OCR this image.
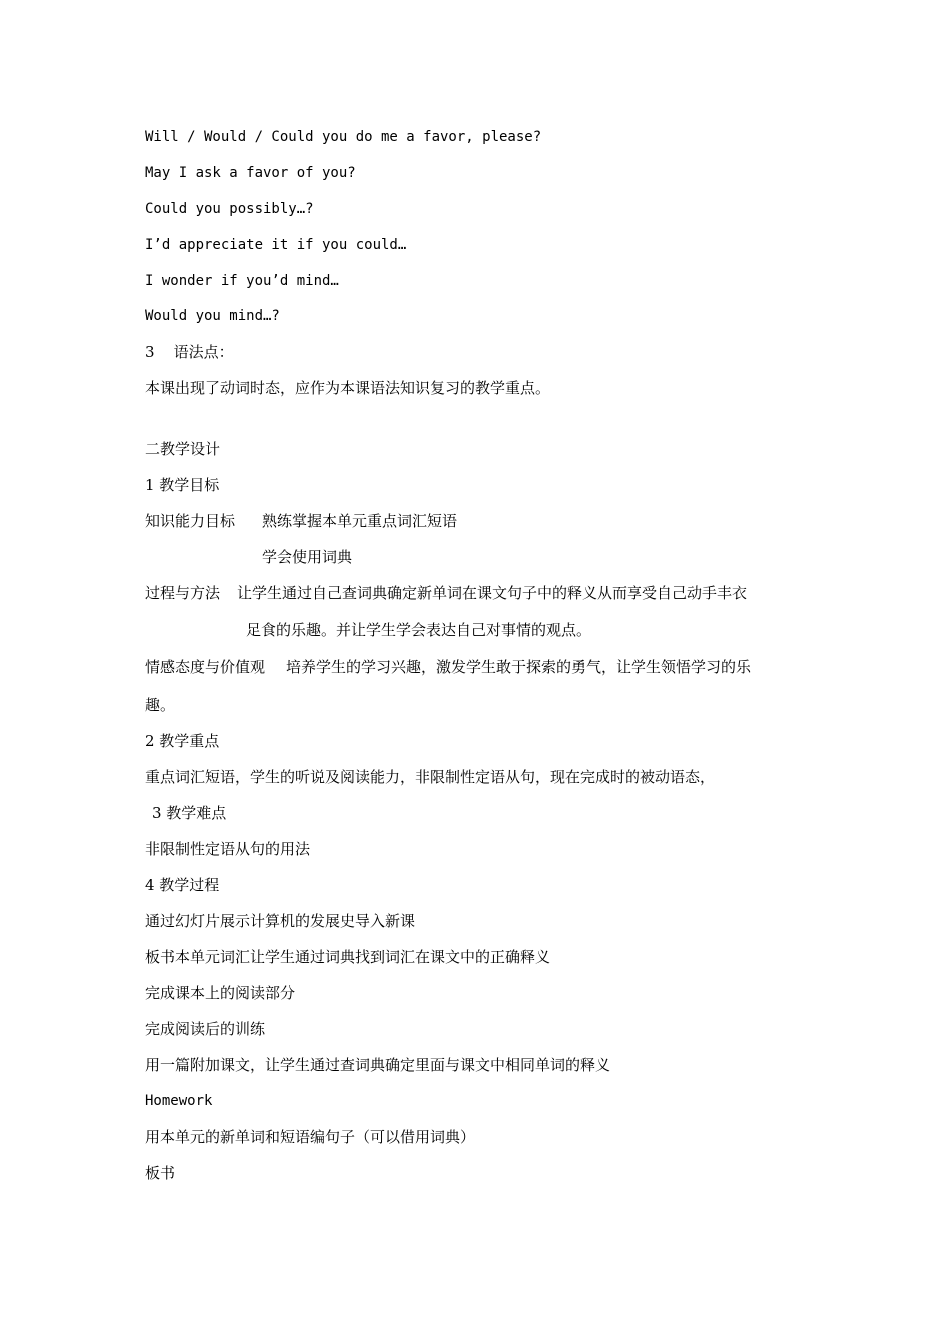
Will / Would / Could you do me a favor, please?
May I ask a favor of you?
Could you possibly…?
I’d appreciate it if you could…
I wonder if you’d mind…
Would you mind…?
3    语法点：
本课出现了动词时态，应作为本课语法知识复习的教学重点。
二教学设计
1 教学目标
知识能力目标 熟练掌握本单元重点词汇短语
学会使用词典
过程与方法 让学生通过自己查词典确定新单词在课文句子中的释义从而享受自己动手丰衣
足食的乐趣。并让学生学会表达自己对事情的观点。
情感态度与价值观 培养学生的学习兴趣，激发学生敢于探索的勇气，让学生领悟学习的乐
趣。
2 教学重点
重点词汇短语，学生的听说及阅读能力，非限制性定语从句，现在完成时的被动语态，
3 教学难点
非限制性定语从句的用法
4 教学过程
通过幻灯片展示计算机的发展史导入新课
板书本单元词汇让学生通过词典找到词汇在课文中的正确释义
完成课本上的阅读部分
完成阅读后的训练
用一篇附加课文，让学生通过查词典确定里面与课文中相同单词的释义
Homework
用本单元的新单词和短语编句子（可以借用词典）
板书
